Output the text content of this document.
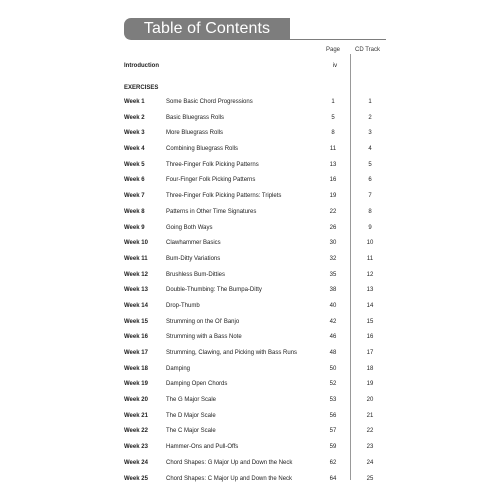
Table of Contents
Page CD Track
Introduction	iv
EXERCISES
Week 1	Some Basic Chord Progressions	1	1
Week 2	Basic Bluegrass Rolls	5	2
Week 3	More Bluegrass Rolls	8	3
Week 4	Combining Bluegrass Rolls	11	4
Week 5	Three-Finger Folk Picking Patterns	13	5
Week 6	Four-Finger Folk Picking Patterns	16	6
Week 7	Three-Finger Folk Picking Patterns: Triplets	19	7
Week 8	Patterns in Other Time Signatures	22	8
Week 9	Going Both Ways	26	9
Week 10	Clawhammer Basics	30	10
Week 11	Bum-Ditty Variations	32	11
Week 12	Brushless Bum-Ditties	35	12
Week 13	Double-Thumbing: The Bumpa-Ditty	38	13
Week 14	Drop-Thumb	40	14
Week 15	Strumming on the Ol' Banjo	42	15
Week 16	Strumming with a Bass Note	46	16
Week 17	Strumming, Clawing, and Picking with Bass Runs	48	17
Week 18	Damping	50	18
Week 19	Damping Open Chords	52	19
Week 20	The G Major Scale	53	20
Week 21	The D Major Scale	56	21
Week 22	The C Major Scale	57	22
Week 23	Hammer-Ons and Pull-Offs	59	23
Week 24	Chord Shapes: G Major Up and Down the Neck	62	24
Week 25	Chord Shapes: C Major Up and Down the Neck	64	25
